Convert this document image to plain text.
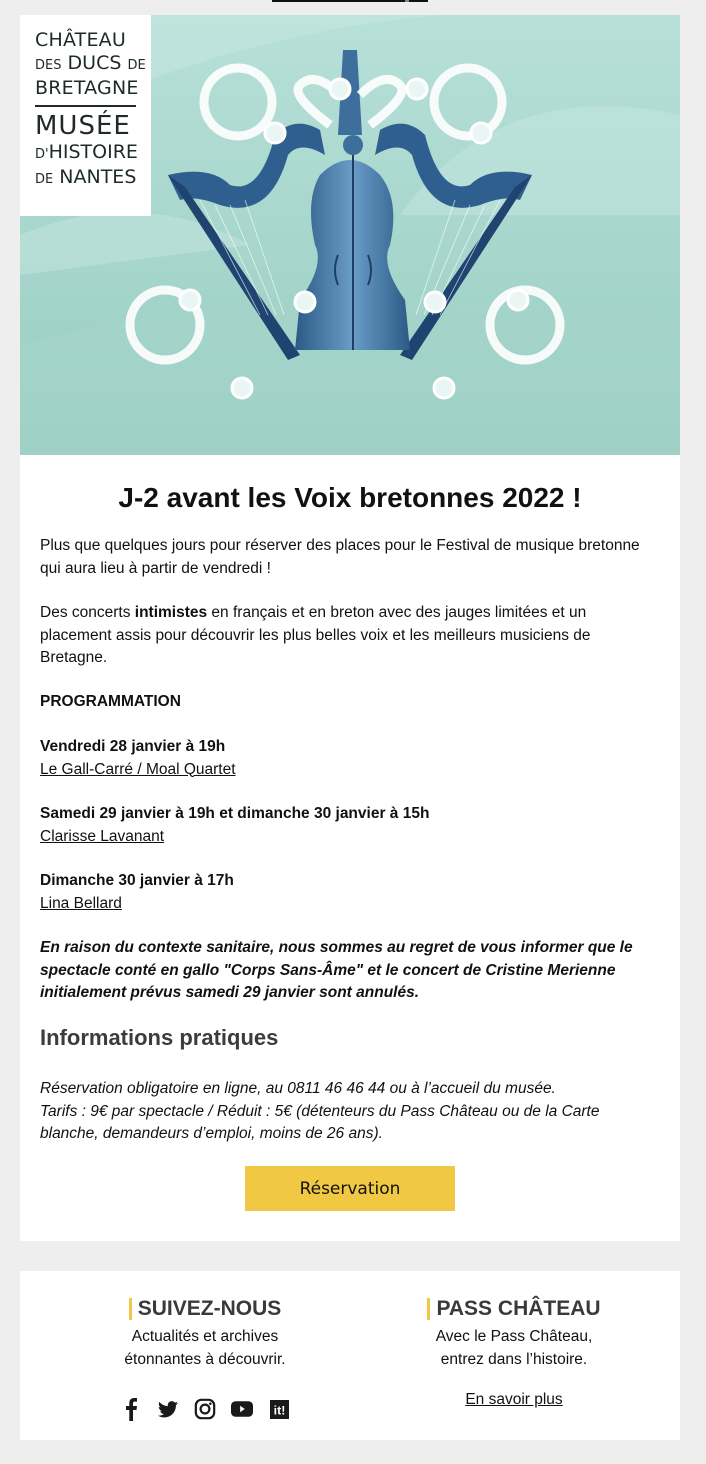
CHÂTEAU
DES DUCS DE
BRETAGNE
MUSÉE
D'HISTOIRE
DE NANTES
J-2 avant les Voix bretonnes 2022 !
Plus que quelques jours pour réserver des places pour le Festival de musique bretonne qui aura lieu à partir de vendredi !
Des concerts intimistes en français et en breton avec des jauges limitées et un placement assis pour découvrir les plus belles voix et les meilleurs musiciens de Bretagne.
PROGRAMMATION
Vendredi 28 janvier à 19h
Le Gall-Carré / Moal Quartet
Samedi 29 janvier à 19h et dimanche 30 janvier à 15h
Clarisse Lavanant
Dimanche 30 janvier à 17h
Lina Bellard
En raison du contexte sanitaire, nous sommes au regret de vous informer que le spectacle conté en gallo "Corps Sans-Âme" et le concert de Cristine Merienne initialement prévus samedi 29 janvier sont annulés.
Informations pratiques
Réservation obligatoire en ligne, au 0811 46 46 44 ou à l’accueil du musée.
Tarifs : 9€ par spectacle / Réduit : 5€ (détenteurs du Pass Château ou de la Carte blanche, demandeurs d’emploi, moins de 26 ans).
Réservation
SUIVEZ-NOUS

Actualités et archives
étonnantes à découvrir.

it!
PASS CHÂTEAU

Avec le Pass Château,
entrez dans l’histoire.

En savoir plus
